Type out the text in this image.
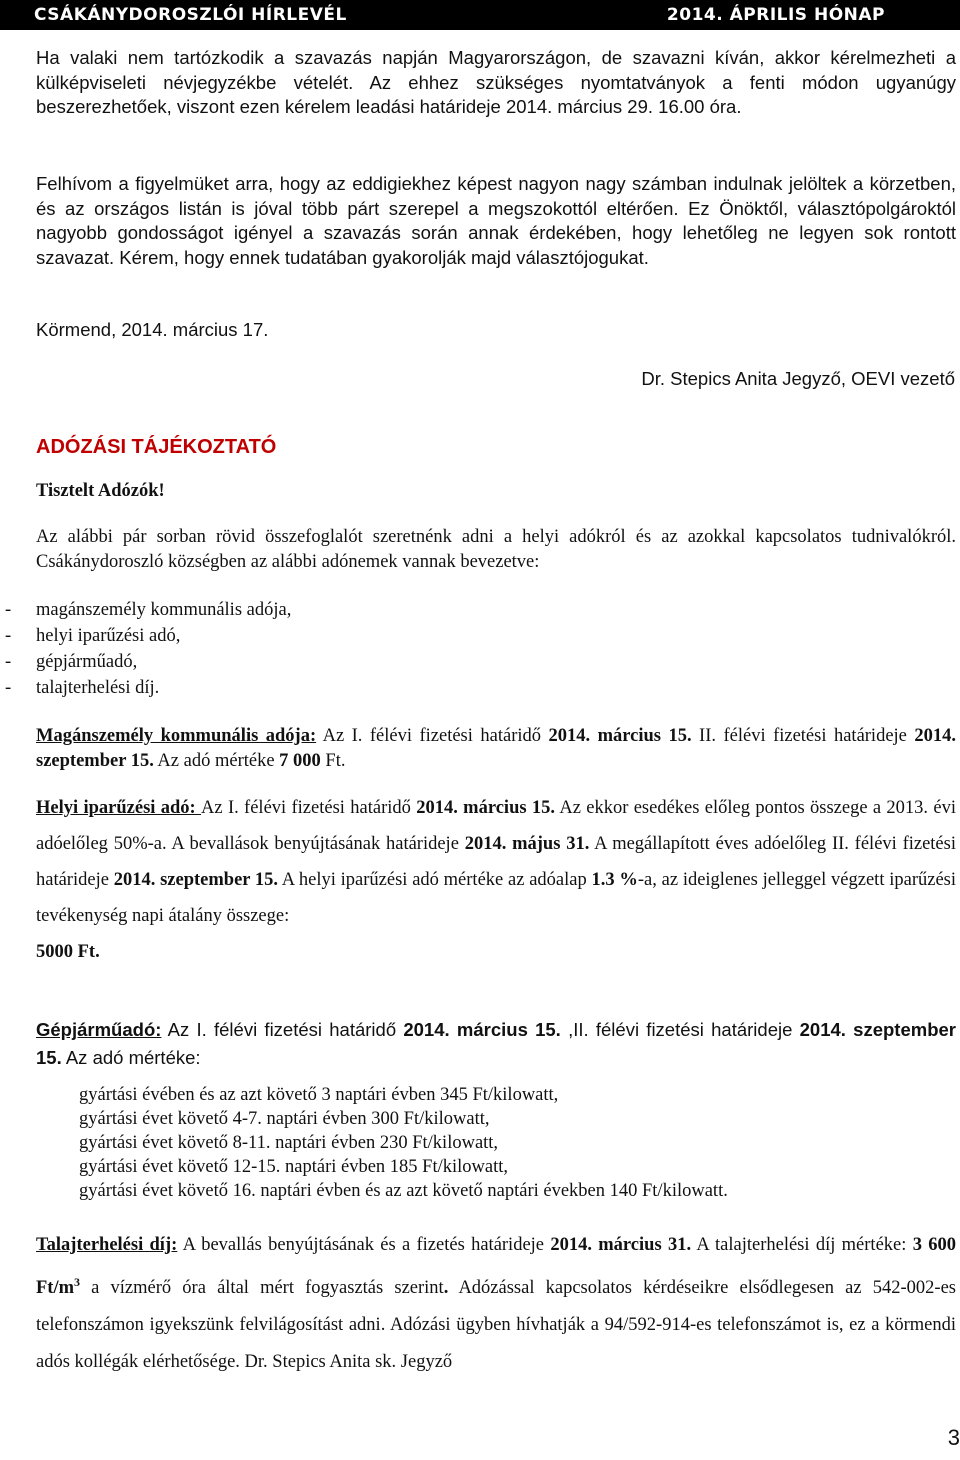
CSÁKÁNYDOROSZLÓI HÍRLEVÉL	2014. ÁPRILIS HÓNAP
Ha valaki nem tartózkodik a szavazás napján Magyarországon, de szavazni kíván, akkor kérelmezheti a külképviseleti névjegyzékbe vételét. Az ehhez szükséges nyomtatványok a fenti módon ugyanúgy beszerezhetőek, viszont ezen kérelem leadási határideje 2014. március 29. 16.00 óra.
Felhívom a figyelmüket arra, hogy az eddigiekhez képest nagyon nagy számban indulnak jelöltek a körzetben, és az országos listán is jóval több párt szerepel a megszokottól eltérően. Ez Önöktől, választópolgároktól nagyobb gondosságot igényel a szavazás során annak érdekében, hogy lehetőleg ne legyen sok rontott szavazat. Kérem, hogy ennek tudatában gyakorolják majd választójogukat.
Körmend, 2014. március 17.
Dr. Stepics Anita Jegyző, OEVI vezető
ADÓZÁSI TÁJÉKOZTATÓ
Tisztelt Adózók!
Az alábbi pár sorban rövid összefoglalót szeretnénk adni a helyi adókról és az azokkal kapcsolatos tudnivalókról. Csákánydoroszló községben az alábbi adónemek vannak bevezetve:
- magánszemély kommunális adója,
- helyi iparűzési adó,
- gépjárműadó,
- talajterhelési díj.
Magánszemély kommunális adója: Az I. félévi fizetési határidő 2014. március 15. II. félévi fizetési határideje 2014. szeptember 15. Az adó mértéke 7 000 Ft.
Helyi iparűzési adó: Az I. félévi fizetési határidő 2014. március 15. Az ekkor esedékes előleg pontos összege a 2013. évi adóelőleg 50%-a. A bevallások benyújtásának határideje 2014. május 31. A megállapított éves adóelőleg II. félévi fizetési határideje 2014. szeptember 15. A helyi iparűzési adó mértéke az adóalap 1.3 %-a, az ideiglenes jelleggel végzett iparűzési tevékenység napi átalány összege:
5000 Ft.
Gépjárműadó: Az I. félévi fizetési határidő 2014. március 15. ,II. félévi fizetési határideje 2014. szeptember 15. Az adó mértéke:
gyártási évében és az azt követő 3 naptári évben 345 Ft/kilowatt,
gyártási évet követő 4-7. naptári évben 300 Ft/kilowatt,
gyártási évet követő 8-11. naptári évben 230 Ft/kilowatt,
gyártási évet követő 12-15. naptári évben 185 Ft/kilowatt,
gyártási évet követő 16. naptári évben és az azt követő naptári években 140 Ft/kilowatt.
Talajterhelési díj: A bevallás benyújtásának és a fizetés határideje 2014. március 31. A talajterhelési díj mértéke: 3 600 $Ft/m^3$ a vízmérő óra által mért fogyasztás szerint. Adózással kapcsolatos kérdéseikre elsődlegesen az 542-002-es telefonszámon igyekszünk felvilágosítást adni. Adózási ügyben hívhatják a 94/592-914-es telefonszámot is, ez a körmendi adós kollégák elérhetősége. Dr. Stepics Anita sk. Jegyző
3
